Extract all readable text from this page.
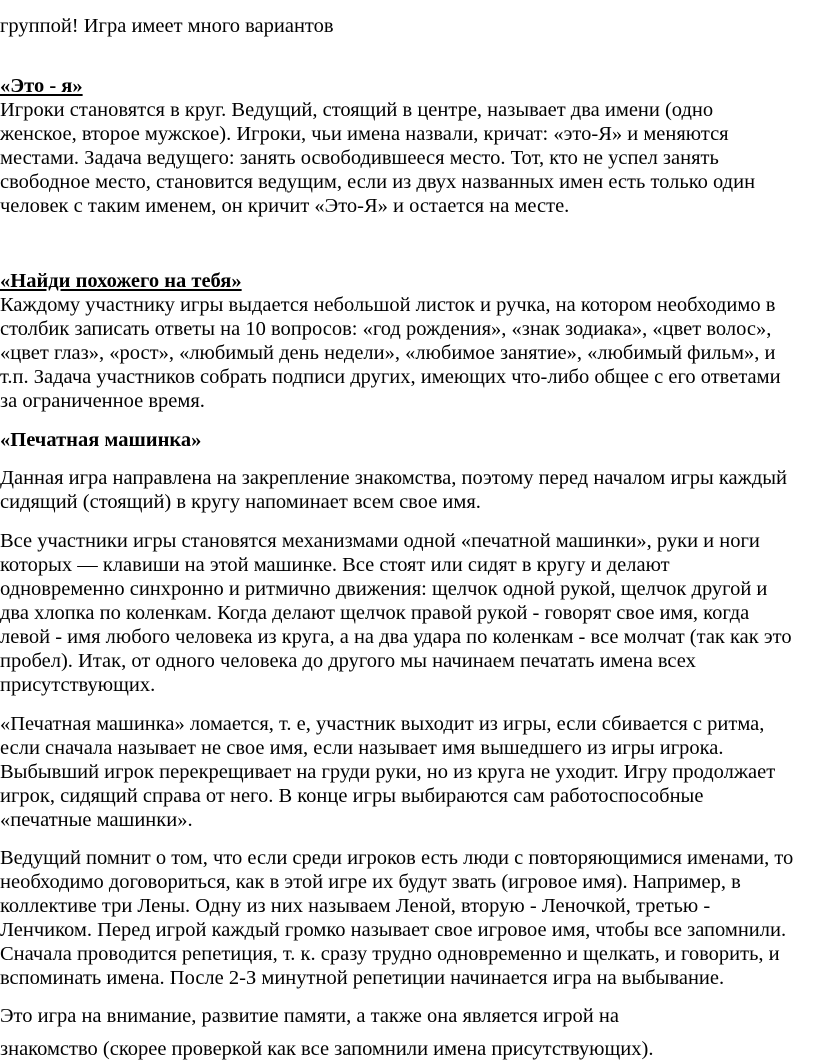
группой! Игра имеет много вариантов
«Это - я»
Игроки становятся в круг. Ведущий, стоящий в центре, называет два имени (одно
женское, второе мужское). Игроки, чьи имена назвали, кричат: «это-Я» и меняются
местами. Задача ведущего: занять освободившееся место. Тот, кто не успел занять
свободное место, становится ведущим, если из двух названных имен есть только один
человек с таким именем, он кричит «Это-Я» и остается на месте.
«Найди похожего на тебя»
Каждому участнику игры выдается небольшой листок и ручка, на котором необходимо в
столбик записать ответы на 10 вопросов: «год рождения», «знак зодиака», «цвет волос»,
«цвет глаз», «рост», «любимый день недели», «любимое занятие», «любимый фильм», и
т.п. Задача участников собрать подписи других, имеющих что-либо общее с его ответами
за ограниченное время.
«Печатная машинка»
Данная игра направлена на закрепление знакомства, поэтому перед началом игры каждый
сидящий (стоящий) в кругу напоминает всем свое имя.
Все участники игры становятся механизмами одной «печатной машинки», руки и ноги
которых — клавиши на этой машинке. Все стоят или сидят в кругу и делают
одновременно синхронно и ритмично движения: щелчок одной рукой, щелчок другой и
два хлопка по коленкам. Когда делают щелчок правой рукой - говорят свое имя, когда
левой - имя любого человека из круга, а на два удара по коленкам - все молчат (так как это
пробел). Итак, от одного человека до другого мы начинаем печатать имена всех
присутствующих.
«Печатная машинка» ломается, т. е, участник выходит из игры, если сбивается с ритма,
если сначала называет не свое имя, если называет имя вышедшего из игры игрока.
Выбывший игрок перекрещивает на груди руки, но из круга не уходит. Игру продолжает
игрок, сидящий справа от него. В конце игры выбираются сам работоспособные
«печатные машинки».
Ведущий помнит о том, что если среди игроков есть люди с повторяющимися именами, то
необходимо договориться, как в этой игре их будут звать (игровое имя). Например, в
коллективе три Лены. Одну из них называем Леной, вторую - Леночкой, третью -
Ленчиком. Перед игрой каждый громко называет свое игровое имя, чтобы все запомнили.
Сначала проводится репетиция, т. к. сразу трудно одновременно и щелкать, и говорить, и
вспоминать имена. После 2-З минутной репетиции начинается игра на выбывание.
Это игра на внимание, развитие памяти, а также она является игрой на
знакомство (скорее проверкой как все запомнили имена присутствующих).
